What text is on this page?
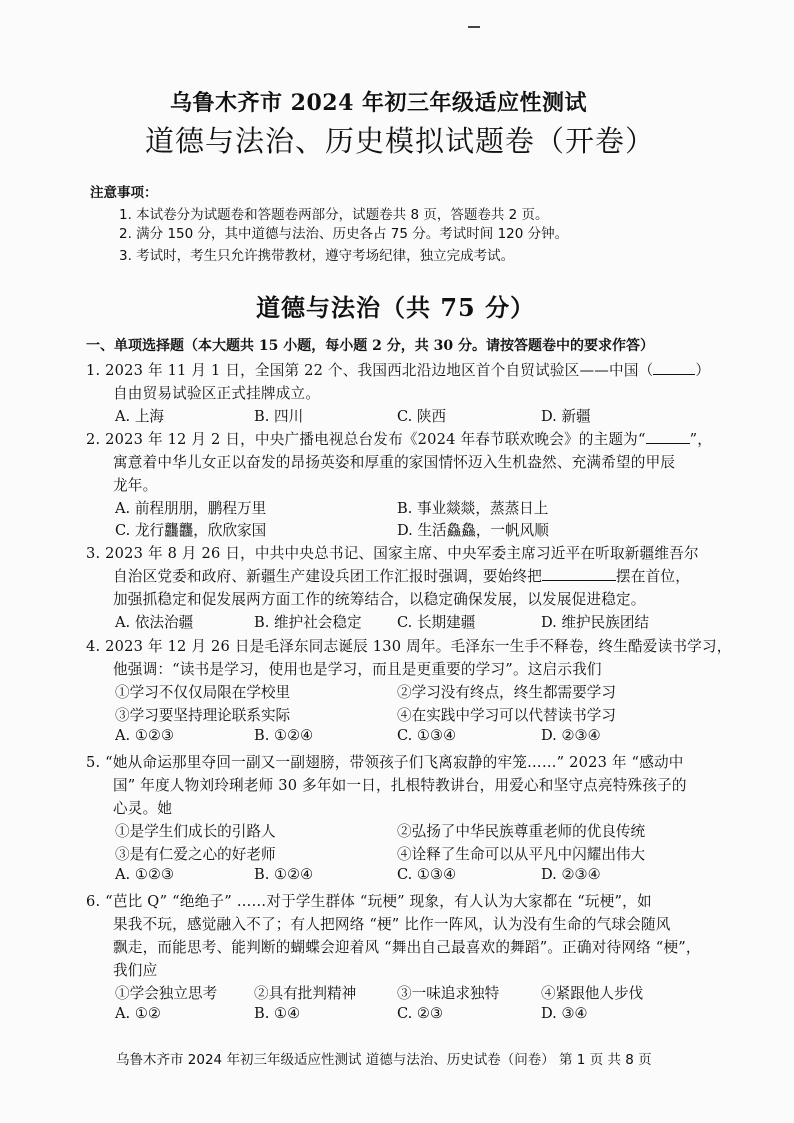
乌鲁木齐市 2024 年初三年级适应性测试
道德与法治、历史模拟试题卷（开卷）
注意事项：
1. 本试卷分为试题卷和答题卷两部分，试题卷共 8 页，答题卷共 2 页。
2. 满分 150 分，其中道德与法治、历史各占 75 分。考试时间 120 分钟。
3. 考试时，考生只允许携带教材，遵守考场纪律，独立完成考试。
道德与法治（共 75 分）
一、单项选择题（本大题共 15 小题，每小题 2 分，共 30 分。请按答题卷中的要求作答）
1. 2023 年 11 月 1 日，全国第 22 个、我国西北沿边地区首个自贸试验区——中国（	）
自由贸易试验区正式挂牌成立。
A. 上海	B. 四川	C. 陕西	D. 新疆
2. 2023 年 12 月 2 日，中央广播电视总台发布《2024 年春节联欢晚会》的主题为“	”，
寓意着中华儿女正以奋发的昂扬英姿和厚重的家国情怀迈入生机盎然、充满希望的甲辰
龙年。
A. 前程朋朋，鹏程万里	B. 事业燚燚，蒸蒸日上
C. 龙行龘龘，欣欣家国	D. 生活鱻鱻，一帆风顺
3. 2023 年 8 月 26 日，中共中央总书记、国家主席、中央军委主席习近平在听取新疆维吾尔
自治区党委和政府、新疆生产建设兵团工作汇报时强调，要始终把	摆在首位，
加强抓稳定和促发展两方面工作的统筹结合，以稳定确保发展，以发展促进稳定。
A. 依法治疆	B. 维护社会稳定 C. 长期建疆	D. 维护民族团结
4. 2023 年 12 月 26 日是毛泽东同志诞辰 130 周年。毛泽东一生手不释卷，终生酷爱读书学习，
他强调：“读书是学习，使用也是学习，而且是更重要的学习”。这启示我们
①学习不仅仅局限在学校里	②学习没有终点，终生都需要学习
③学习要坚持理论联系实际	④在实践中学习可以代替读书学习
A. ①②③	B. ①②④	C. ①③④	D. ②③④
5. “她从命运那里夺回一副又一副翅膀，带领孩子们飞离寂静的牢笼……” 2023 年 “感动中
国” 年度人物刘玲琍老师 30 多年如一日，扎根特教讲台，用爱心和坚守点亮特殊孩子的
心灵。她
①是学生们成长的引路人	②弘扬了中华民族尊重老师的优良传统
③是有仁爱之心的好老师	④诠释了生命可以从平凡中闪耀出伟大
A. ①②③	B. ①②④	C. ①③④	D. ②③④
6. “芭比 Q” “绝绝子” ……对于学生群体 “玩梗” 现象，有人认为大家都在 “玩梗”，如
果我不玩，感觉融入不了；有人把网络 “梗” 比作一阵风，认为没有生命的气球会随风
飘走，而能思考、能判断的蝴蝶会迎着风 “舞出自己最喜欢的舞蹈”。正确对待网络 “梗”，
我们应
①学会独立思考	②具有批判精神	③一味追求独特	④紧跟他人步伐
A. ①②	B. ①④	C. ②③	D. ③④
乌鲁木齐市 2024 年初三年级适应性测试 道德与法治、历史试卷（问卷） 第 1 页 共 8 页
